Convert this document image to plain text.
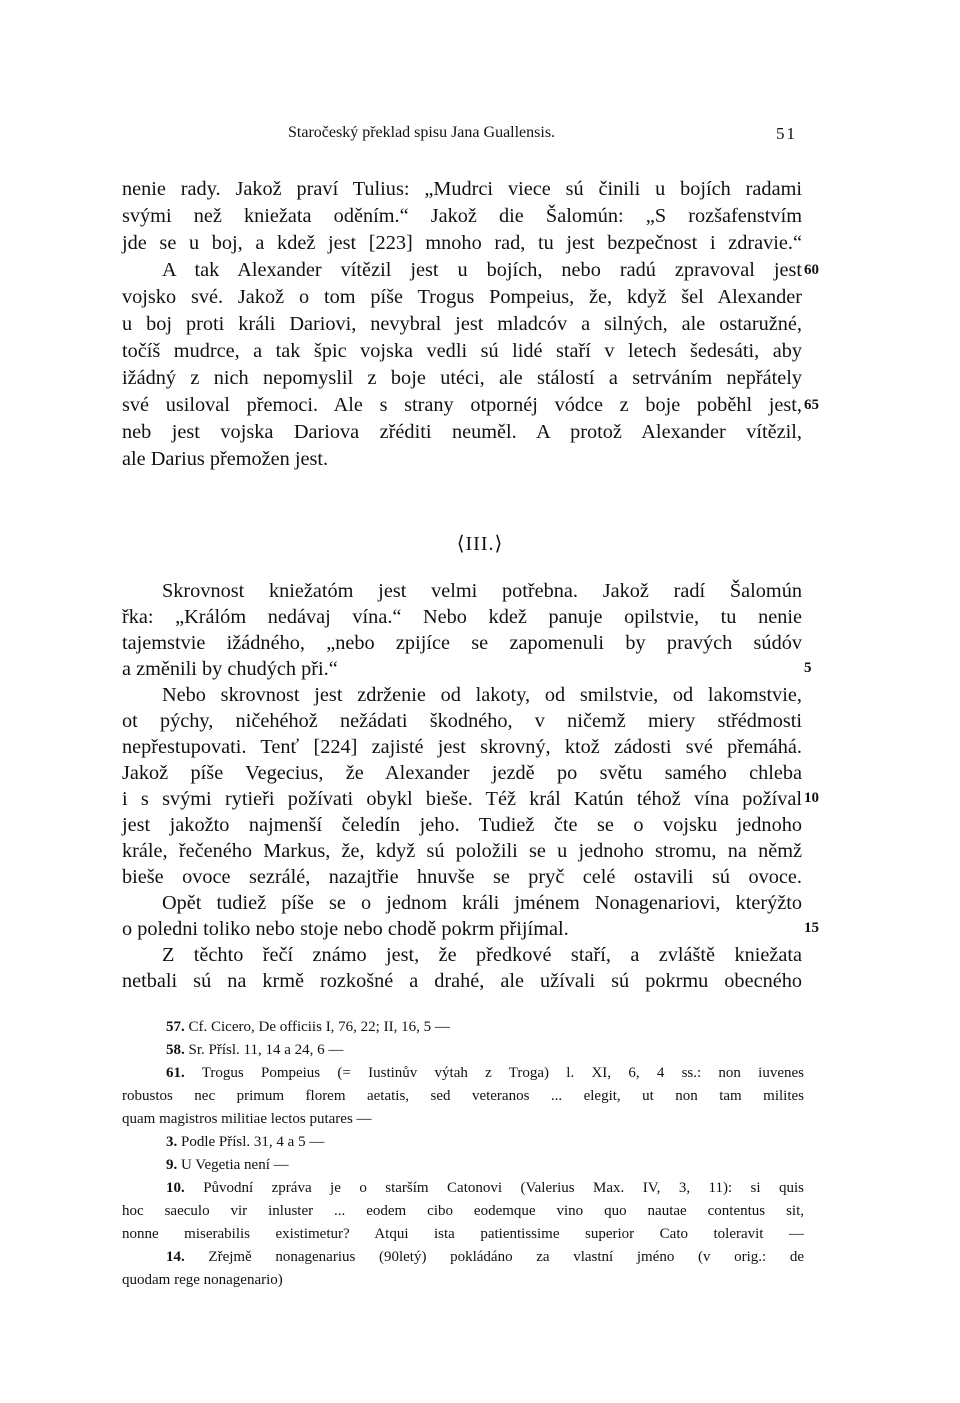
Staročeský překlad spisu Jana Guallensis.	51
nenie rady. Jakož praví Tulius: „Mudrci viece sú činili u bojích radami
svými než kniežata oděním.“ Jakož die Šalomún: „S rozšafenstvím
jde se u boj, a kdež jest [223] mnoho rad, tu jest bezpečnost i zdravie.“
A tak Alexander vítězil jest u bojích, nebo radú zpravoval jest
vojsko své. Jakož o tom píše Trogus Pompeius, že, když šel Alexander
u boj proti králi Dariovi, nevybral jest mladcóv a silných, ale ostaružné,
točíš mudrce, a tak špic vojska vedli sú lidé staří v letech šedesáti, aby
ižádný z nich nepomyslil z boje utéci, ale stálostí a setrváním nepřátely
své usiloval přemoci. Ale s strany otpornéj vódce z boje poběhl jest,
neb jest vojska Dariova zřéditi neuměl. A protož Alexander vítězil,
ale Darius přemožen jest.
60
65
⟨III.⟩
Skrovnost kniežatóm jest velmi potřebna. Jakož radí Šalomún
řka: „Králóm nedávaj vína.“ Nebo kdež panuje opilstvie, tu nenie
tajemstvie ižádného, „nebo zpijíce se zapomenuli by pravých súdóv
a změnili by chudých při.“
Nebo skrovnost jest zdrženie od lakoty, od smilstvie, od lakomstvie,
ot pýchy, ničehéhož nežádati škodného, v ničemž miery střédmosti
nepřestupovati. Tenť [224] zajisté jest skrovný, ktož zádosti své přemáhá.
Jakož píše Vegecius, že Alexander jezdě po světu samého chleba
i s svými rytieři požívati obykl bieše. Též král Katún téhož vína požíval
jest jakožto najmenší čeledín jeho. Tudiež čte se o vojsku jednoho
krále, řečeného Markus, že, když sú položili se u jednoho stromu, na němž
bieše ovoce sezrálé, nazajtřie hnuvše se pryč celé ostavili sú ovoce.
Opět tudiež píše se o jednom králi jménem Nonagenariovi, kterýžto
o poledni toliko nebo stoje nebo chodě pokrm přijímal.
Z těchto řečí známo jest, že předkové staří, a zvláště kniežata
netbali sú na krmě rozkošné a drahé, ale užívali sú pokrmu obecného
5
10
15
57. Cf. Cicero, De officiis I, 76, 22; II, 16, 5 —
58. Sr. Přísl. 11, 14 a 24, 6 —
61. Trogus Pompeius (= Iustinův výtah z Troga) l. XI, 6, 4 ss.: non iuvenes
robustos nec primum florem aetatis, sed veteranos ... elegit, ut non tam milites
quam magistros militiae lectos putares —
3. Podle Přísl. 31, 4 a 5 —
9. U Vegetia není —
10. Původní zpráva je o starším Catonovi (Valerius Max. IV, 3, 11): si quis
hoc saeculo vir inluster ... eodem cibo eodemque vino quo nautae contentus sit,
nonne miserabilis existimetur? Atqui ista patientissime superior Cato toleravit —
14. Zřejmě nonagenarius (90letý) pokládáno za vlastní jméno (v orig.: de
quodam rege nonagenario)
